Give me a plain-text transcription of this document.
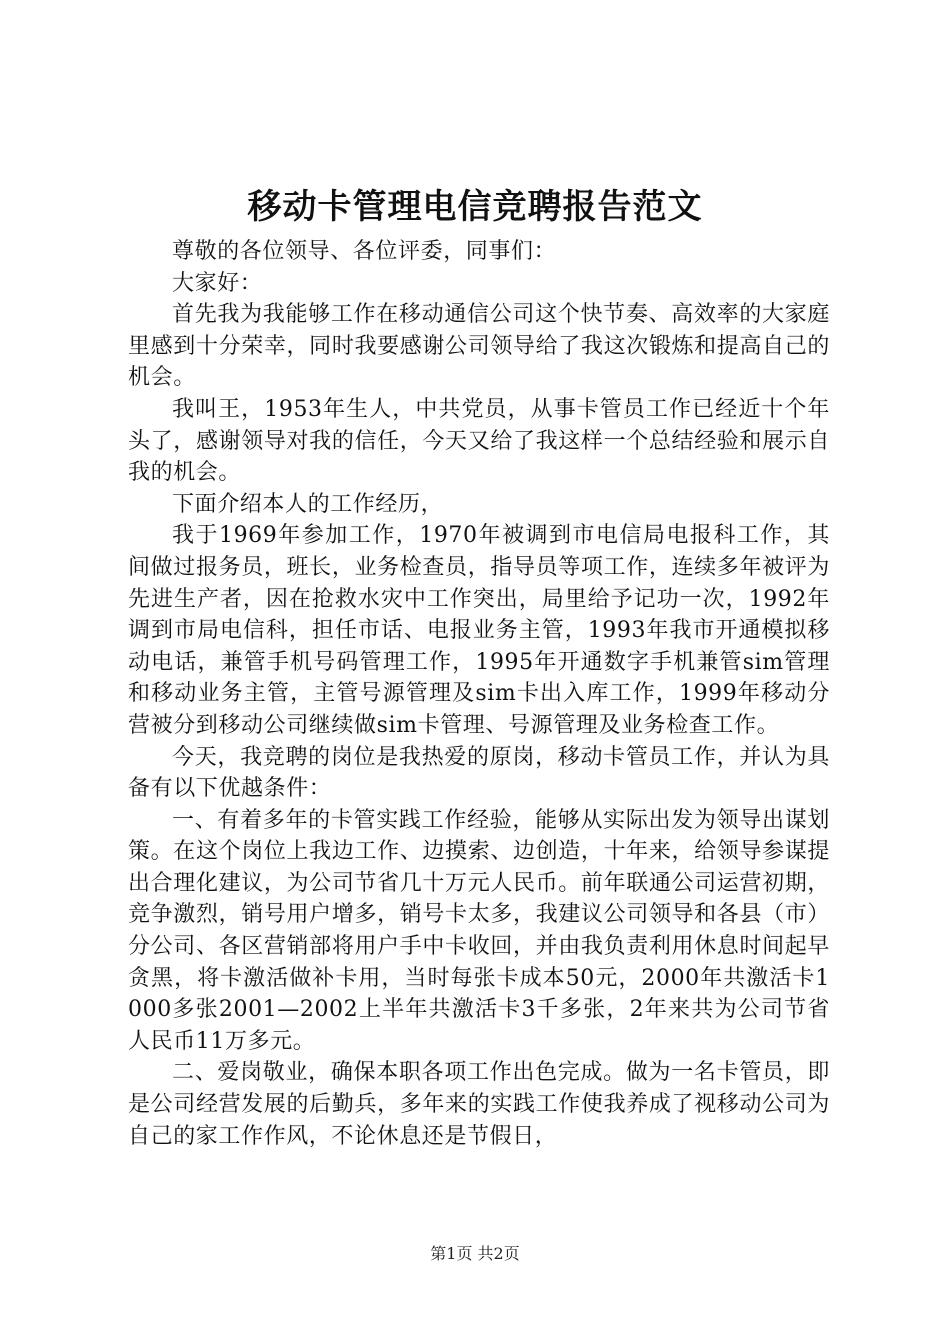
移动卡管理电信竞聘报告范文

尊敬的各位领导、各位评委，同事们：

大家好：

首先我为我能够工作在移动通信公司这个快节奏、高效率的大家庭里感到十分荣幸，同时我要感谢公司领导给了我这次锻炼和提高自己的机会。

我叫王，1953年生人，中共党员，从事卡管员工作已经近十个年头了，感谢领导对我的信任，今天又给了我这样一个总结经验和展示自我的机会。

下面介绍本人的工作经历，

我于1969年参加工作，1970年被调到市电信局电报科工作，其间做过报务员，班长，业务检查员，指导员等项工作，连续多年被评为先进生产者，因在抢救水灾中工作突出，局里给予记功一次，1992年调到市局电信科，担任市话、电报业务主管，1993年我市开通模拟移动电话，兼管手机号码管理工作，1995年开通数字手机兼管sim管理和移动业务主管，主管号源管理及sim卡出入库工作，1999年移动分营被分到移动公司继续做sim卡管理、号源管理及业务检查工作。

今天，我竞聘的岗位是我热爱的原岗，移动卡管员工作，并认为具备有以下优越条件：

一、有着多年的卡管实践工作经验，能够从实际出发为领导出谋划策。在这个岗位上我边工作、边摸索、边创造，十年来，给领导参谋提出合理化建议，为公司节省几十万元人民币。前年联通公司运营初期，竞争激烈，销号用户增多，销号卡太多，我建议公司领导和各县（市）分公司、各区营销部将用户手中卡收回，并由我负责利用休息时间起早贪黑，将卡激活做补卡用，当时每张卡成本50元，2000年共激活卡1000多张2001—2002上半年共激活卡3千多张，2年来共为公司节省人民币11万多元。

二、爱岗敬业，确保本职各项工作出色完成。做为一名卡管员，即是公司经营发展的后勤兵，多年来的实践工作使我养成了视移动公司为自己的家工作作风，不论休息还是节假日，

第1页 共2页
